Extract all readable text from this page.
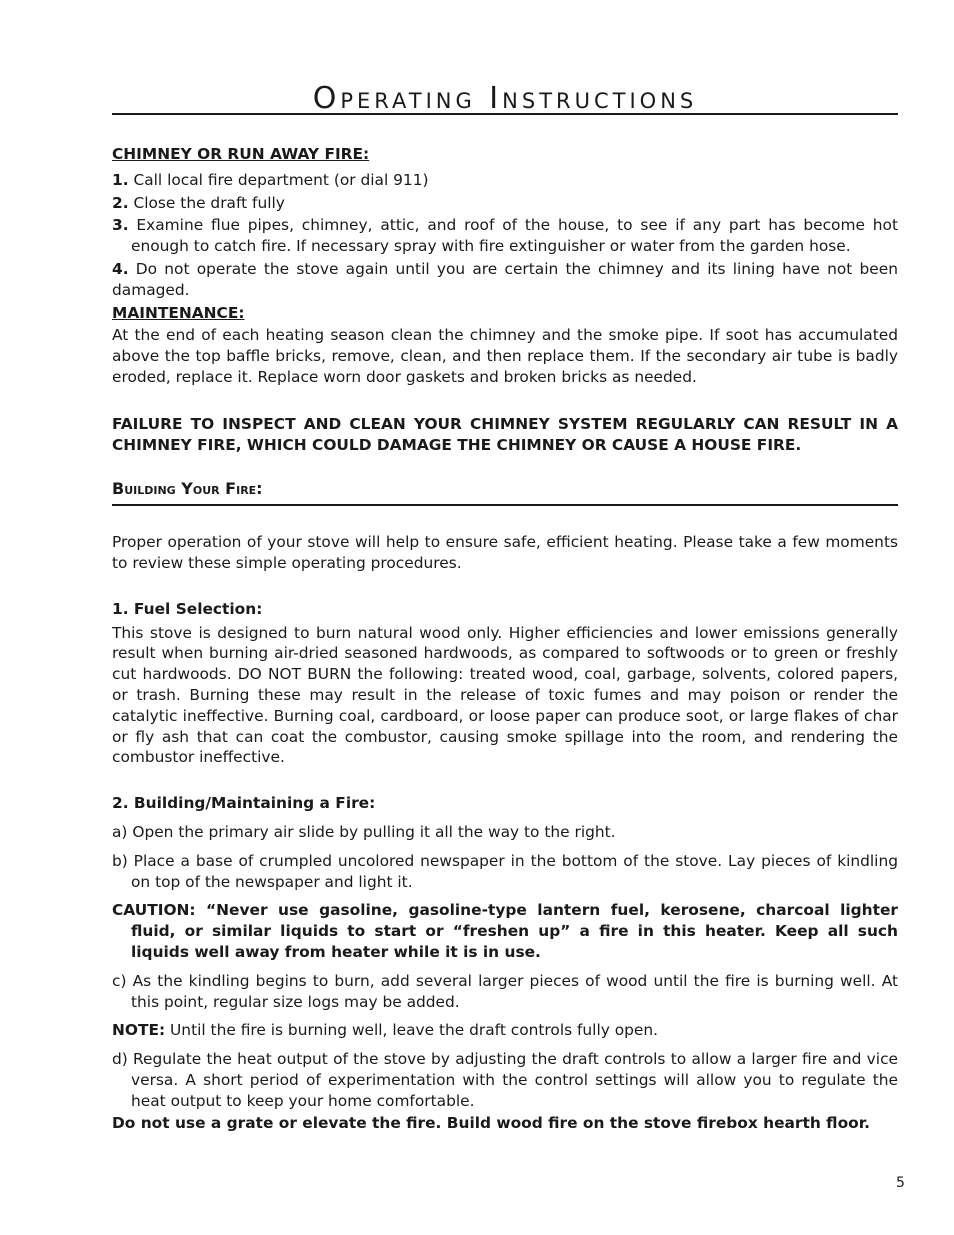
Operating Instructions

CHIMNEY OR RUN AWAY FIRE:

1. Call local fire department (or dial 911)

2. Close the draft fully

3. Examine flue pipes, chimney, attic, and roof of the house, to see if any part has become hot enough to catch fire. If necessary spray with fire extinguisher or water from the garden hose.

4. Do not operate the stove again until you are certain the chimney and its lining have not been damaged.

MAINTENANCE:

At the end of each heating season clean the chimney and the smoke pipe. If soot has accumulated above the top baffle bricks, remove, clean, and then replace them. If the secondary air tube is badly eroded, replace it. Replace worn door gaskets and broken bricks as needed.

FAILURE TO INSPECT AND CLEAN YOUR CHIMNEY SYSTEM REGULARLY CAN RESULT IN A CHIMNEY FIRE, WHICH COULD DAMAGE THE CHIMNEY OR CAUSE A HOUSE FIRE.

Building Your Fire:

Proper operation of your stove will help to ensure safe, efficient heating. Please take a few moments to review these simple operating procedures.

1. Fuel Selection:

This stove is designed to burn natural wood only. Higher efficiencies and lower emissions generally result when burning air-dried seasoned hardwoods, as compared to softwoods or to green or freshly cut hardwoods. DO NOT BURN the following: treated wood, coal, garbage, solvents, colored papers, or trash. Burning these may result in the release of toxic fumes and may poison or render the catalytic ineffective. Burning coal, cardboard, or loose paper can produce soot, or large flakes of char or fly ash that can coat the combustor, causing smoke spillage into the room, and rendering the combustor ineffective.

2. Building/Maintaining a Fire:

a) Open the primary air slide by pulling it all the way to the right.

b) Place a base of crumpled uncolored newspaper in the bottom of the stove. Lay pieces of kindling on top of the newspaper and light it.

CAUTION: “Never use gasoline, gasoline-type lantern fuel, kerosene, charcoal lighter fluid, or similar liquids to start or “freshen up” a fire in this heater. Keep all such liquids well away from heater while it is in use.

c) As the kindling begins to burn, add several larger pieces of wood until the fire is burning well. At this point, regular size logs may be added.

NOTE: Until the fire is burning well, leave the draft controls fully open.

d) Regulate the heat output of the stove by adjusting the draft controls to allow a larger fire and vice versa. A short period of experimentation with the control settings will allow you to regulate the heat output to keep your home comfortable.

Do not use a grate or elevate the fire. Build wood fire on the stove firebox hearth floor.

5
